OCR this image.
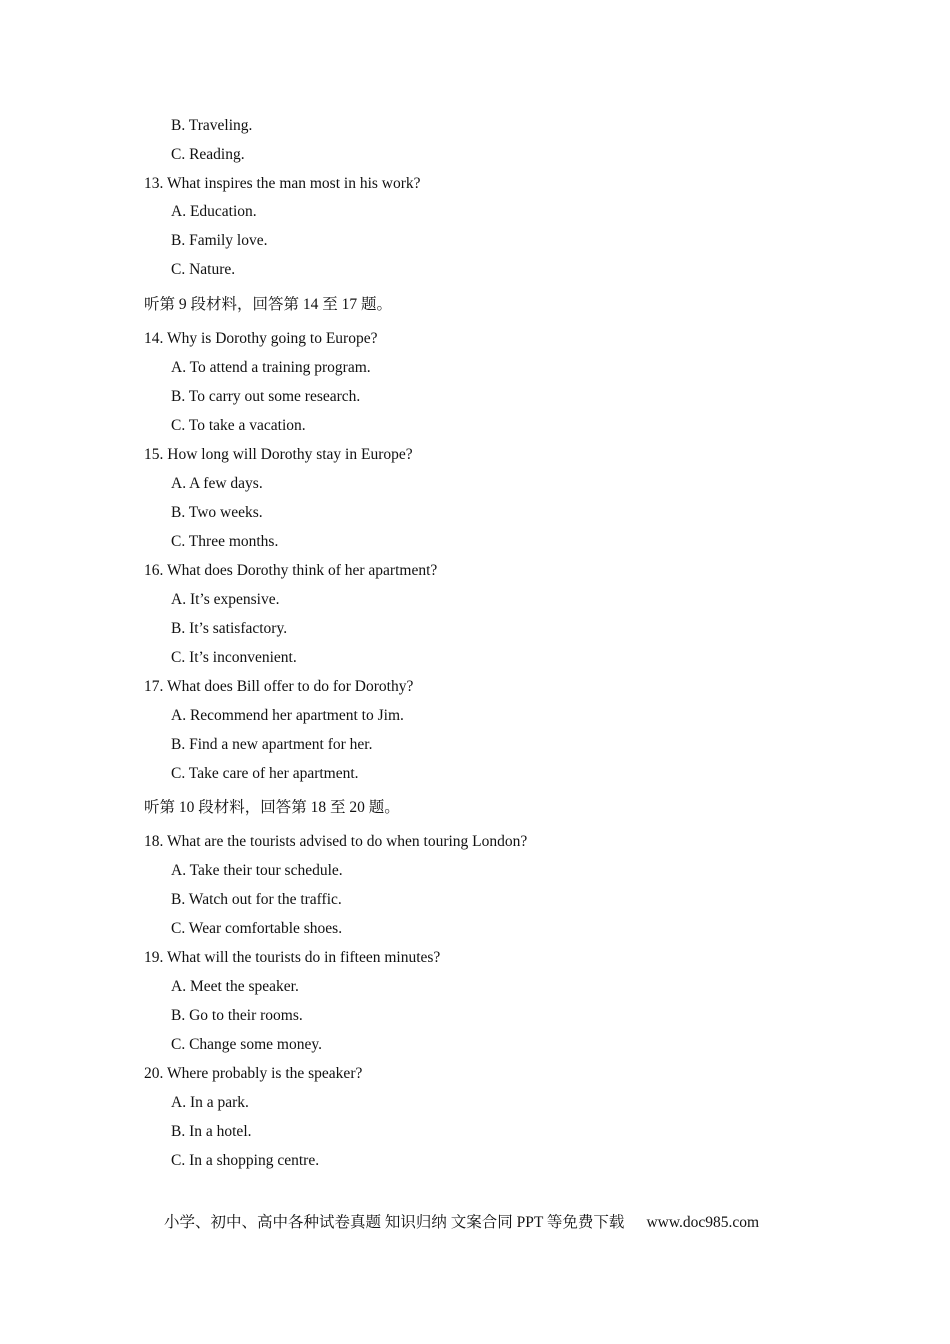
B. Traveling.
C. Reading.
13. What inspires the man most in his work?
A. Education.
B. Family love.
C. Nature.
听第 9 段材料，回答第 14 至 17 题。
14. Why is Dorothy going to Europe?
A. To attend a training program.
B. To carry out some research.
C. To take a vacation.
15. How long will Dorothy stay in Europe?
A. A few days.
B. Two weeks.
C. Three months.
16. What does Dorothy think of her apartment?
A. It’s expensive.
B. It’s satisfactory.
C. It’s inconvenient.
17. What does Bill offer to do for Dorothy?
A. Recommend her apartment to Jim.
B. Find a new apartment for her.
C. Take care of her apartment.
听第 10 段材料，回答第 18 至 20 题。
18. What are the tourists advised to do when touring London?
A. Take their tour schedule.
B. Watch out for the traffic.
C. Wear comfortable shoes.
19. What will the tourists do in fifteen minutes?
A. Meet the speaker.
B. Go to their rooms.
C. Change some money.
20. Where probably is the speaker?
A. In a park.
B. In a hotel.
C. In a shopping centre.
小学、初中、高中各种试卷真题 知识归纳 文案合同 PPT 等免费下载 www.doc985.com
